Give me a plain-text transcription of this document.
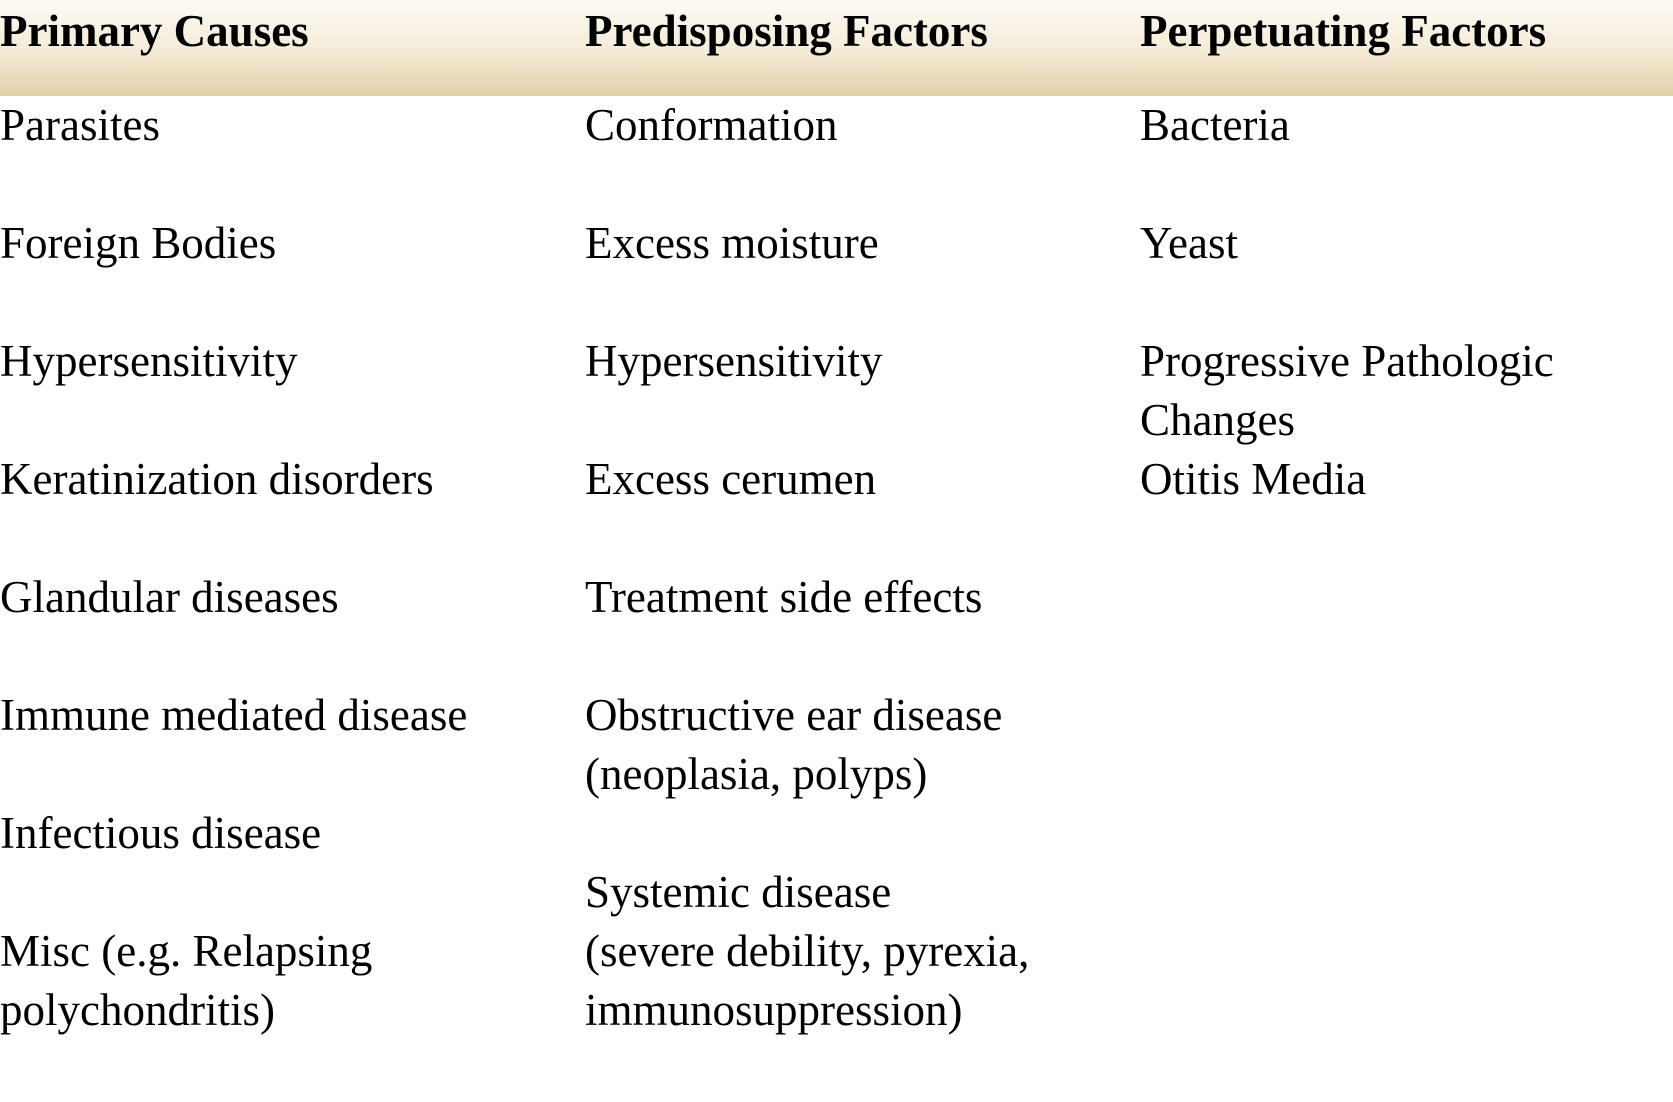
Primary Causes	Predisposing Factors	Perpetuating Factors
Parasites
Foreign Bodies
Hypersensitivity
Keratinization disorders
Glandular diseases
Immune mediated disease
Infectious disease
Misc (e.g. Relapsing
polychondritis)
Conformation
Excess moisture
Hypersensitivity
Excess cerumen
Treatment side effects
Obstructive ear disease
(neoplasia, polyps)
Systemic disease
(severe debility, pyrexia,
immunosuppression)
Bacteria
Yeast
Progressive Pathologic
Changes
Otitis Media
